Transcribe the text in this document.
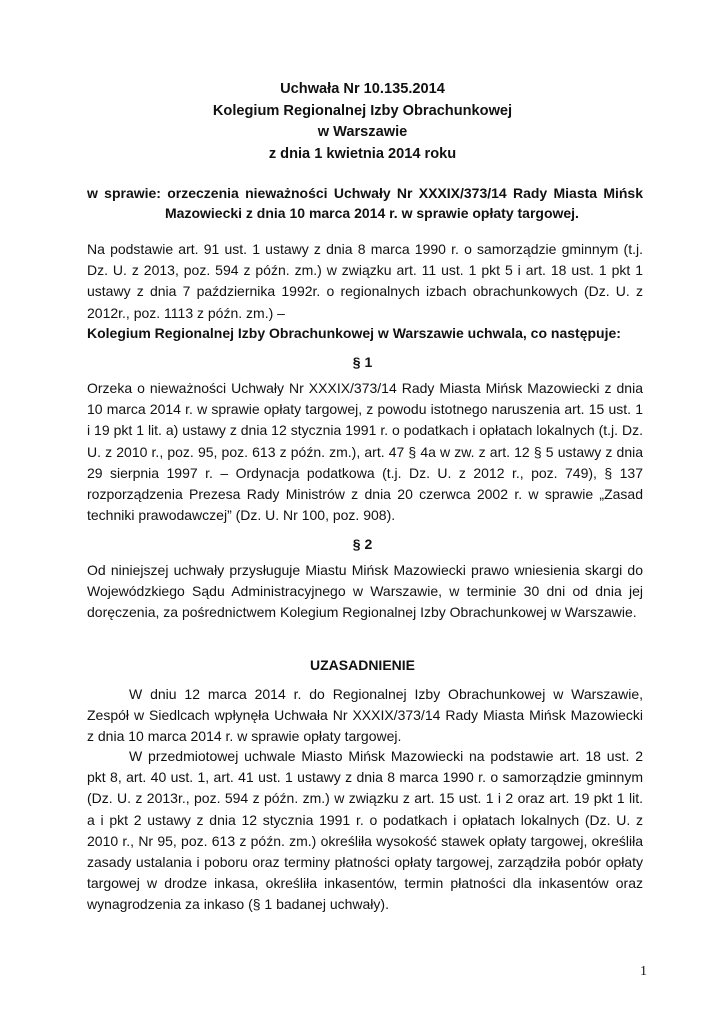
Uchwała Nr 10.135.2014
Kolegium Regionalnej Izby Obrachunkowej
w Warszawie
z dnia 1 kwietnia 2014 roku
w sprawie: orzeczenia nieważności Uchwały Nr XXXIX/373/14 Rady Miasta Mińsk
Mazowiecki z dnia 10 marca 2014 r. w sprawie opłaty targowej.
Na podstawie art. 91 ust. 1 ustawy z dnia 8 marca 1990 r. o samorządzie gminnym (t.j. Dz. U. z 2013, poz. 594 z późn. zm.) w związku art. 11 ust. 1 pkt 5 i art. 18 ust. 1 pkt 1 ustawy z dnia 7 października 1992r. o regionalnych izbach obrachunkowych (Dz. U. z 2012r., poz. 1113 z późn. zm.) –
Kolegium Regionalnej Izby Obrachunkowej w Warszawie uchwala, co następuje:
§ 1
Orzeka o nieważności Uchwały Nr XXXIX/373/14 Rady Miasta Mińsk Mazowiecki z dnia 10 marca 2014 r. w sprawie opłaty targowej, z powodu istotnego naruszenia art. 15 ust. 1 i 19 pkt 1 lit. a) ustawy z dnia 12 stycznia 1991 r. o podatkach i opłatach lokalnych (t.j. Dz. U. z 2010 r., poz. 95, poz. 613 z późn. zm.), art. 47 § 4a w zw. z art. 12 § 5 ustawy z dnia 29 sierpnia 1997 r. – Ordynacja podatkowa (t.j. Dz. U. z 2012 r., poz. 749), § 137 rozporządzenia Prezesa Rady Ministrów z dnia 20 czerwca 2002 r. w sprawie „Zasad techniki prawodawczej” (Dz. U. Nr 100, poz. 908).
§ 2
Od niniejszej uchwały przysługuje Miastu Mińsk Mazowiecki prawo wniesienia skargi do Wojewódzkiego Sądu Administracyjnego w Warszawie, w terminie 30 dni od dnia jej doręczenia, za pośrednictwem Kolegium Regionalnej Izby Obrachunkowej w Warszawie.
UZASADNIENIE
W dniu 12 marca 2014 r. do Regionalnej Izby Obrachunkowej w Warszawie, Zespół w Siedlcach wpłynęła Uchwała Nr XXXIX/373/14 Rady Miasta Mińsk Mazowiecki z dnia 10 marca 2014 r. w sprawie opłaty targowej.
W przedmiotowej uchwale Miasto Mińsk Mazowiecki na podstawie art. 18 ust. 2 pkt 8, art. 40 ust. 1, art. 41 ust. 1 ustawy z dnia 8 marca 1990 r. o samorządzie gminnym (Dz. U. z 2013r., poz. 594 z późn. zm.) w związku z art. 15 ust. 1 i 2 oraz art. 19 pkt 1 lit. a i pkt 2 ustawy z dnia 12 stycznia 1991 r. o podatkach i opłatach lokalnych (Dz. U. z 2010 r., Nr 95, poz. 613 z późn. zm.) określiła wysokość stawek opłaty targowej, określiła zasady ustalania i poboru oraz terminy płatności opłaty targowej, zarządziła pobór opłaty targowej w drodze inkasa, określiła inkasentów, termin płatności dla inkasentów oraz wynagrodzenia za inkaso (§ 1 badanej uchwały).
1
